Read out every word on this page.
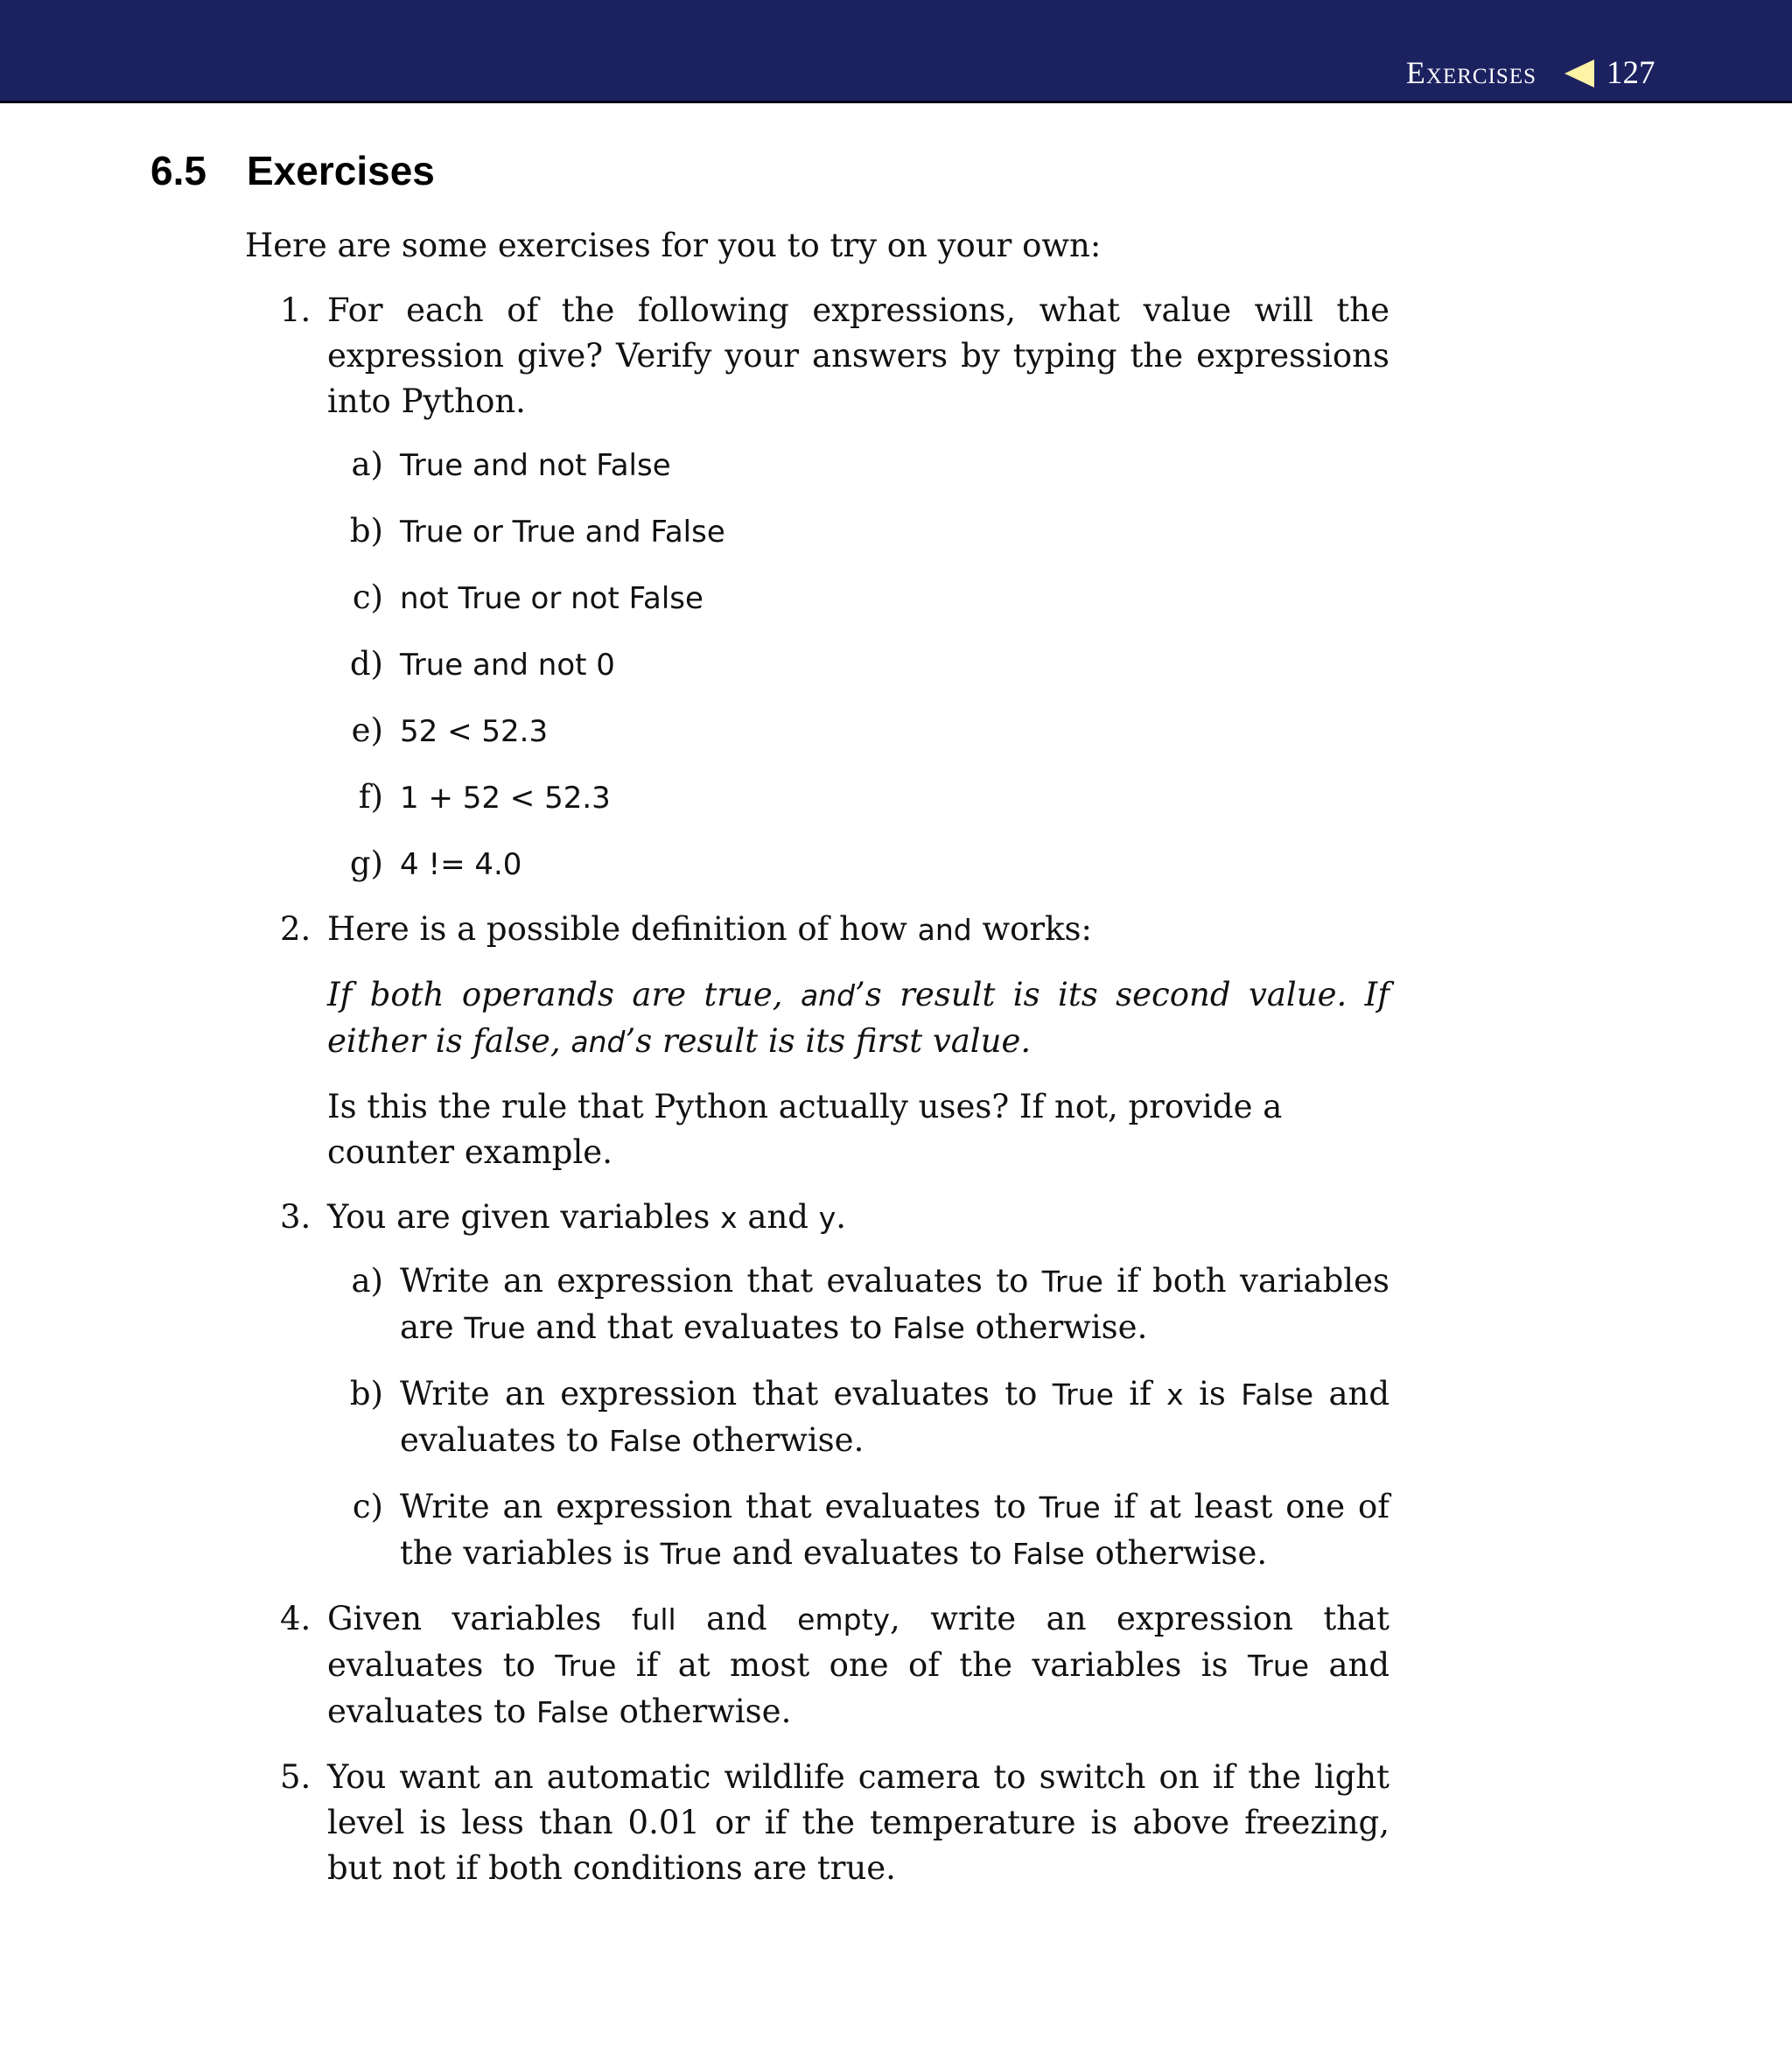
Exercises 127
6.5 Exercises

Here are some exercises for you to try on your own:

1. For each of the following expressions, what value will the expression give? Verify your answers by typing the expressions into Python.
a) True and not False
b) True or True and False
c) not True or not False
d) True and not 0
e) 52 < 52.3
f) 1 + 52 < 52.3
g) 4 != 4.0
2. Here is a possible definition of how and works:
If both operands are true, and’s result is its second value. If either is false, and’s result is its first value.
Is this the rule that Python actually uses? If not, provide a counter example.
3. You are given variables x and y.
a) Write an expression that evaluates to True if both variables are True and that evaluates to False otherwise.
b) Write an expression that evaluates to True if x is False and evaluates to False otherwise.
c) Write an expression that evaluates to True if at least one of the variables is True and evaluates to False otherwise.
4. Given variables full and empty, write an expression that evaluates to True if at most one of the variables is True and evaluates to False otherwise.
5. You want an automatic wildlife camera to switch on if the light level is less than 0.01 or if the temperature is above freezing, but not if both conditions are true.
